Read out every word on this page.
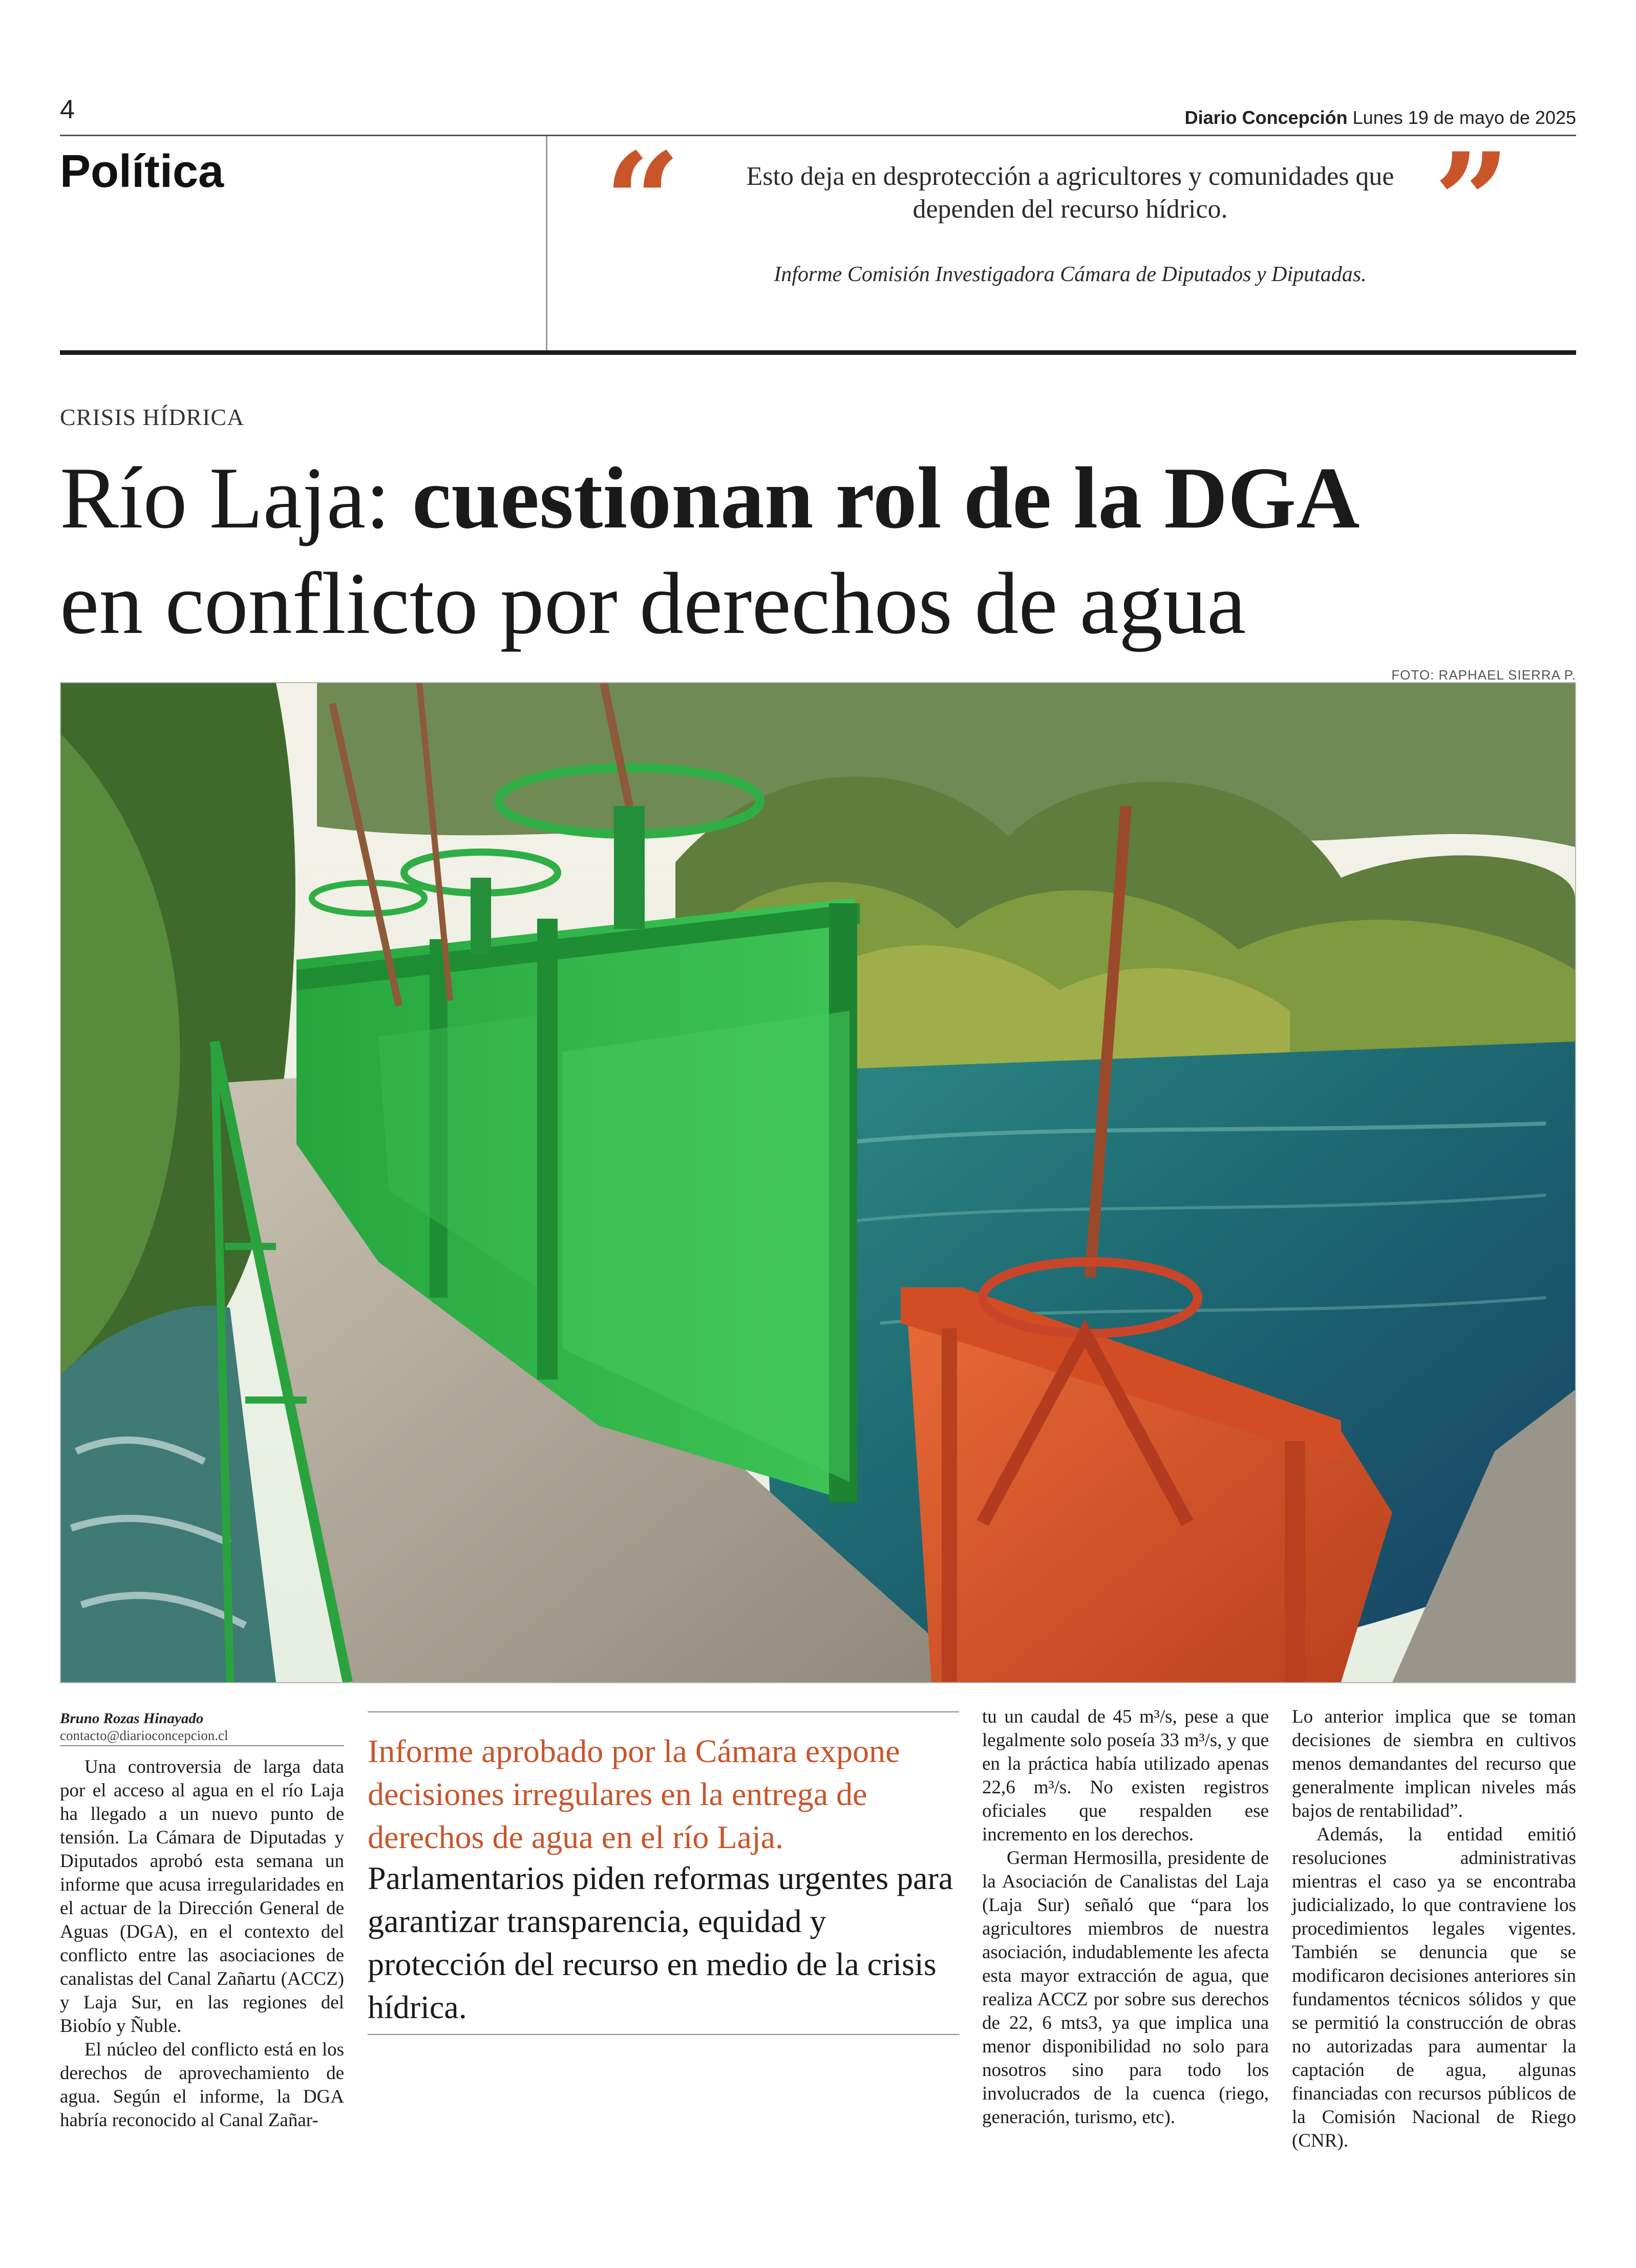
4	Diario Concepción Lunes 19 de mayo de 2025
Política	“	Esto deja en desprotección a agricultores y comunidades que dependen del recurso hídrico.	”
Informe Comisión Investigadora Cámara de Diputados y Diputadas.
CRISIS HÍDRICA
Río Laja: cuestionan rol de la DGA
en conflicto por derechos de agua
FOTO: RAPHAEL SIERRA P.
Bruno Rozas Hinayado
contacto@diarioconcepcion.cl

Una controversia de larga data por el acceso al agua en el río Laja ha llegado a un nuevo punto de tensión. La Cámara de Diputadas y Diputados aprobó esta semana un informe que acusa irregularidades en el actuar de la Dirección General de Aguas (DGA), en el contexto del conflicto entre las asociaciones de canalistas del Canal Zañartu (ACCZ) y Laja Sur, en las regiones del Biobío y Ñuble.

El núcleo del conflicto está en los derechos de aprovechamiento de agua. Según el informe, la DGA habría reconocido al Canal Zañar-

Informe aprobado por la Cámara expone decisiones irregulares en la entrega de derechos de agua en el río Laja.
Parlamentarios piden reformas urgentes para garantizar transparencia, equidad y protección del recurso en medio de la crisis hídrica.

tu un caudal de 45 m³/s, pese a que legalmente solo poseía 33 m³/s, y que en la práctica había utilizado apenas 22,6 m³/s. No existen registros oficiales que respalden ese incremento en los derechos.

German Hermosilla, presidente de la Asociación de Canalistas del Laja (Laja Sur) señaló que “para los agricultores miembros de nuestra asociación, indudablemente les afecta esta mayor extracción de agua, que realiza ACCZ por sobre sus derechos de 22, 6 mts3, ya que implica una menor disponibilidad no solo para nosotros sino para todo los involucrados de la cuenca (riego, generación, turismo, etc).

Lo anterior implica que se toman decisiones de siembra en cultivos menos demandantes del recurso que generalmente implican niveles más bajos de rentabilidad”.

Además, la entidad emitió resoluciones administrativas mientras el caso ya se encontraba judicializado, lo que contraviene los procedimientos legales vigentes. También se denuncia que se modificaron decisiones anteriores sin fundamentos técnicos sólidos y que se permitió la construcción de obras no autorizadas para aumentar la captación de agua, algunas financiadas con recursos públicos de la Comisión Nacional de Riego (CNR).
